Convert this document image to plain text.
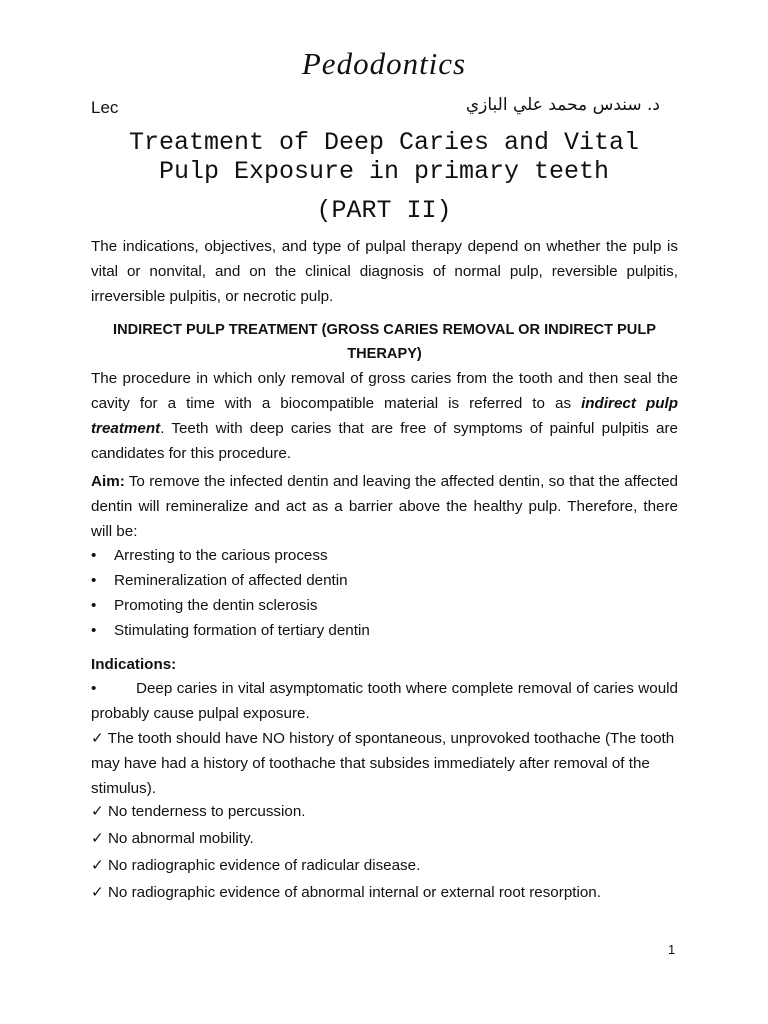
Pedodontics
Lec	د. سندس محمد علي البازي
Treatment of Deep Caries and Vital
Pulp Exposure in primary teeth
(PART II)
The indications, objectives, and type of pulpal therapy depend on whether the pulp is vital or nonvital, and on the clinical diagnosis of normal pulp, reversible pulpitis, irreversible pulpitis, or necrotic pulp.
INDIRECT PULP TREATMENT (GROSS CARIES REMOVAL OR INDIRECT PULP THERAPY)
The procedure in which only removal of gross caries from the tooth and then seal the cavity for a time with a biocompatible material is referred to as indirect pulp treatment. Teeth with deep caries that are free of symptoms of painful pulpitis are candidates for this procedure.
Aim: To remove the infected dentin and leaving the affected dentin, so that the affected dentin will remineralize and act as a barrier above the healthy pulp. Therefore, there will be:
• Arresting to the carious process
• Remineralization of affected dentin
• Promoting the dentin sclerosis
• Stimulating formation of tertiary dentin
Indications:
•	Deep caries in vital asymptomatic tooth where complete removal of caries would probably cause pulpal exposure.
✓ The tooth should have NO history of spontaneous, unprovoked toothache (The tooth may have had a history of toothache that subsides immediately after removal of the stimulus).
✓ No tenderness to percussion.
✓ No abnormal mobility.
✓ No radiographic evidence of radicular disease.
✓ No radiographic evidence of abnormal internal or external root resorption.
1
